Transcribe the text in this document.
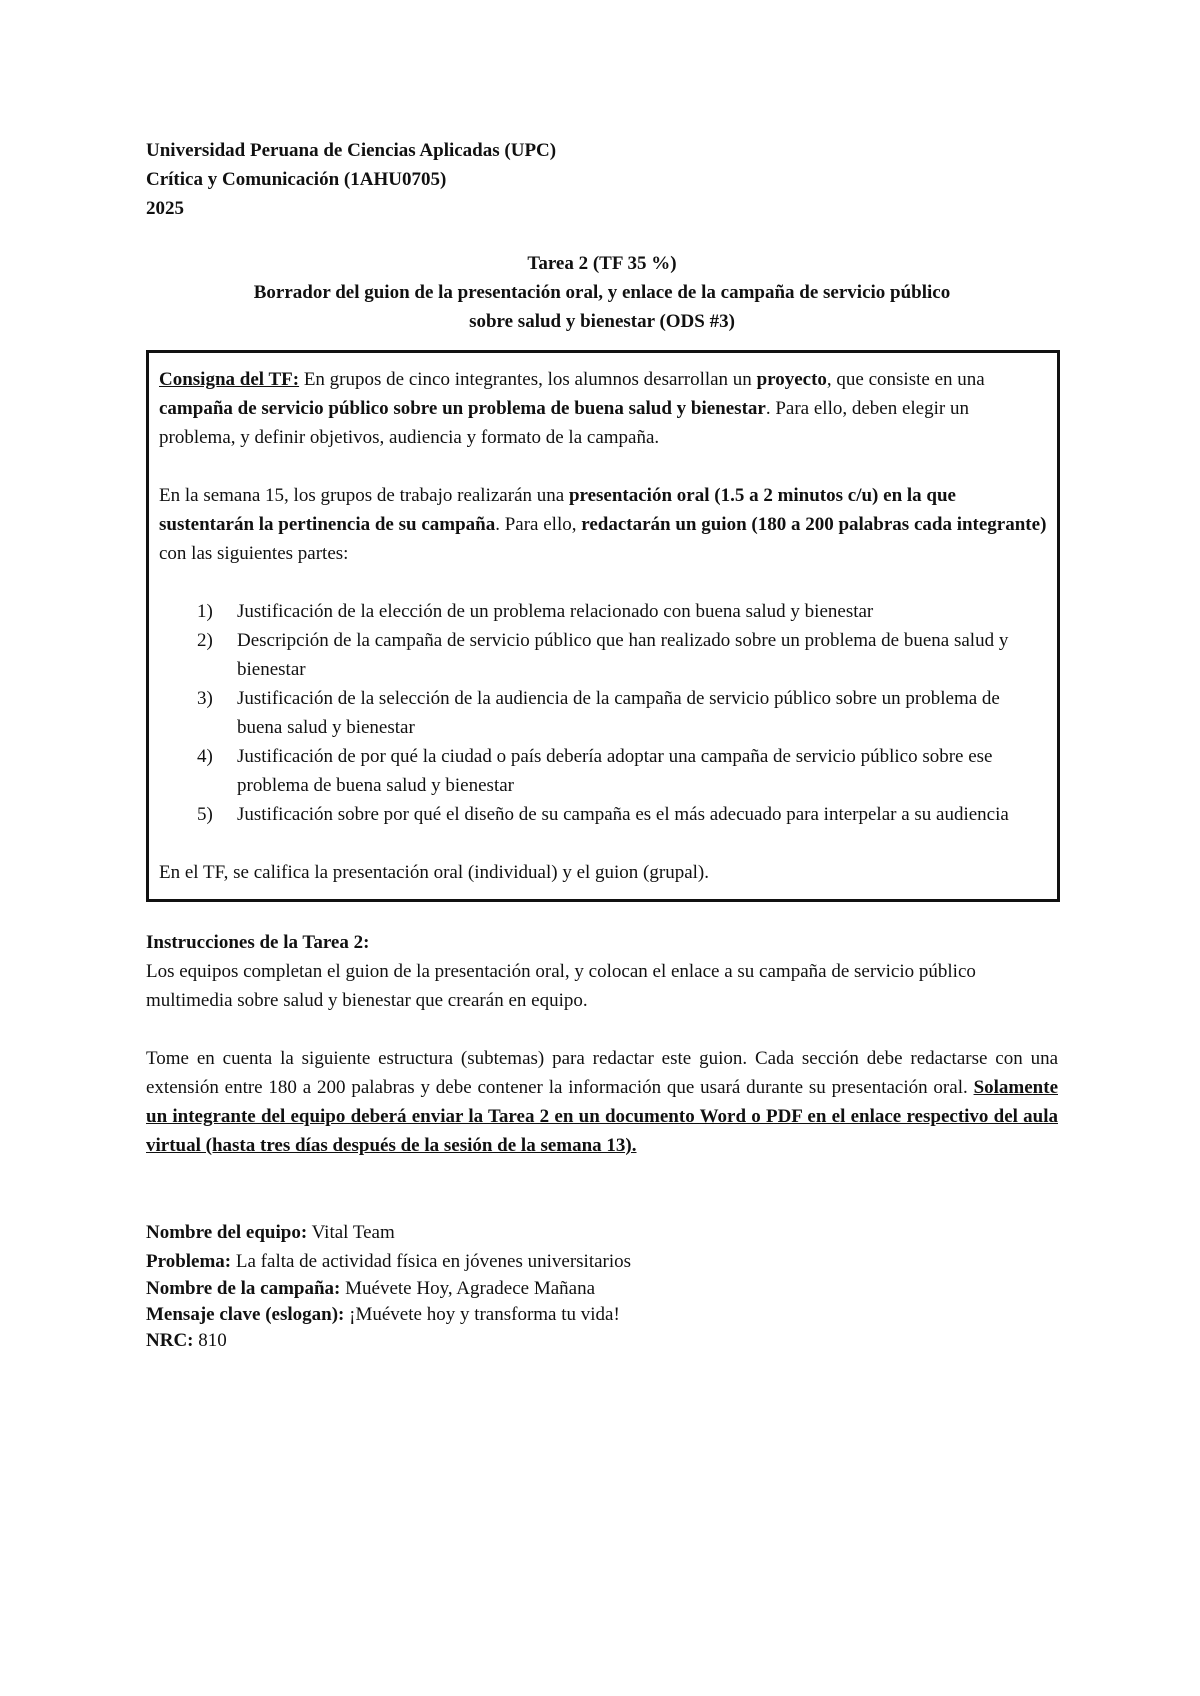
Universidad Peruana de Ciencias Aplicadas (UPC)
Crítica y Comunicación (1AHU0705)
2025
Tarea 2 (TF 35 %)
Borrador del guion de la presentación oral, y enlace de la campaña de servicio público
sobre salud y bienestar (ODS #3)

Consigna del TF: En grupos de cinco integrantes, los alumnos desarrollan un proyecto, que consiste en una campaña de servicio público sobre un problema de buena salud y bienestar. Para ello, deben elegir un problema, y definir objetivos, audiencia y formato de la campaña.

En la semana 15, los grupos de trabajo realizarán una presentación oral (1.5 a 2 minutos c/u) en la que sustentarán la pertinencia de su campaña. Para ello, redactarán un guion (180 a 200 palabras cada integrante) con las siguientes partes:

1)	Justificación de la elección de un problema relacionado con buena salud y bienestar
2)	Descripción de la campaña de servicio público que han realizado sobre un problema de buena salud y bienestar
3)	Justificación de la selección de la audiencia de la campaña de servicio público sobre un problema de buena salud y bienestar
4)	Justificación de por qué la ciudad o país debería adoptar una campaña de servicio público sobre ese problema de buena salud y bienestar
5)	Justificación sobre por qué el diseño de su campaña es el más adecuado para interpelar a su audiencia

En el TF, se califica la presentación oral (individual) y el guion (grupal).

Instrucciones de la Tarea 2:

Los equipos completan el guion de la presentación oral, y colocan el enlace a su campaña de servicio público multimedia sobre salud y bienestar que crearán en equipo.

Tome en cuenta la siguiente estructura (subtemas) para redactar este guion. Cada sección debe redactarse con una extensión entre 180 a 200 palabras y debe contener la información que usará durante su presentación oral. Solamente un integrante del equipo deberá enviar la Tarea 2 en un documento Word o PDF en el enlace respectivo del aula virtual (hasta tres días después de la sesión de la semana 13).

Nombre del equipo: Vital Team
Problema: La falta de actividad física en jóvenes universitarios
Nombre de la campaña: Muévete Hoy, Agradece Mañana
Mensaje clave (eslogan): ¡Muévete hoy y transforma tu vida!
NRC: 810
